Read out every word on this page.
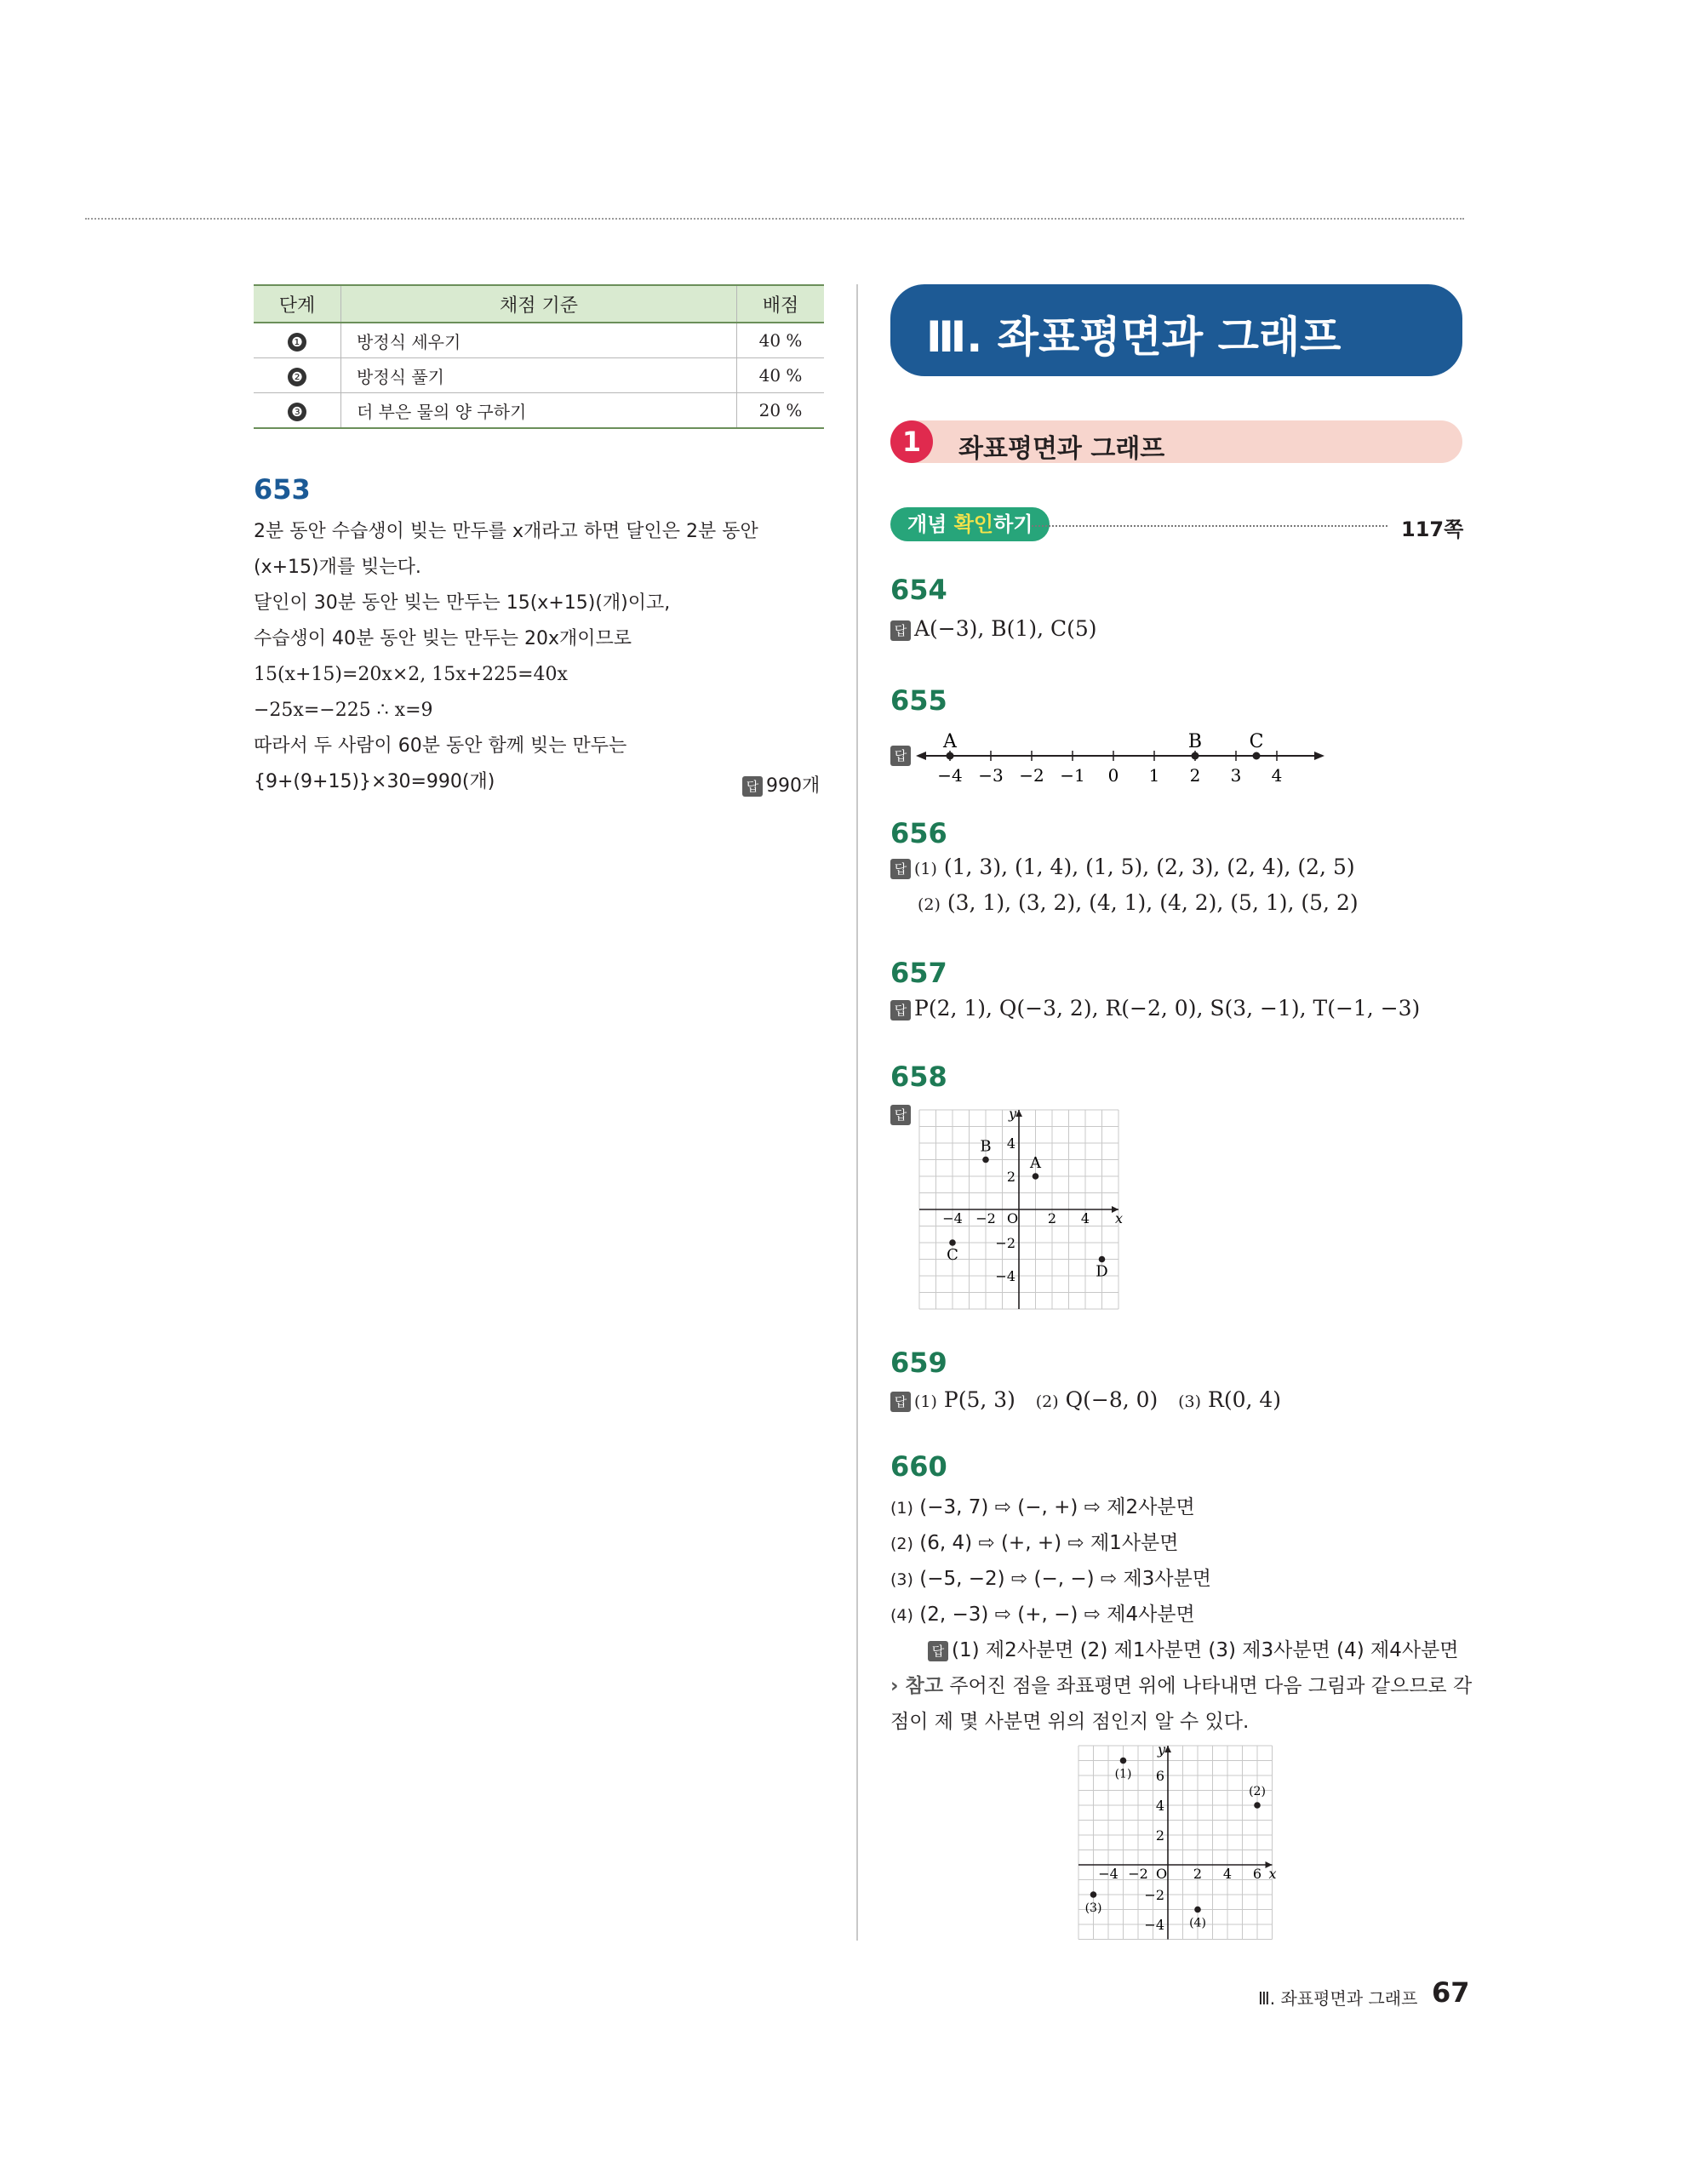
단계	채점 기준	배점
❶	방정식 세우기	40 %
❷	방정식 풀기	40 %
❸	더 부은 물의 양 구하기	20 %
653
2분 동안 수습생이 빚는 만두를 x개라고 하면 달인은 2분 동안
(x+15)개를 빚는다.
달인이 30분 동안 빚는 만두는 15(x+15)(개)이고,
수습생이 40분 동안 빚는 만두는 20x개이므로
15(x+15)=20x×2, 15x+225=40x
−25x=−225 ∴ x=9
따라서 두 사람이 60분 동안 함께 빚는 만두는
{9+(9+15)}×30=990(개)	답 990개
Ⅲ. 좌표평면과 그래프
1	좌표평면과 그래프
개념 확인하기	117쪽
654
답 A(−3), B(1), C(5)
655
답
−4 −3 −2 −1 0 1 2 3 4
A	B	C
656
답 (1) (1, 3), (1, 4), (1, 5), (2, 3), (2, 4), (2, 5)
(2) (3, 1), (3, 2), (4, 1), (4, 2), (5, 1), (5, 2)
657
답 P(2, 1), Q(−3, 2), R(−2, 0), S(3, −1), T(−1, −3)
658
답
x
y
O
−4 −2	2 4
4
2
−2
−4
A
B
C
D
659
답 (1) P(5, 3) (2) Q(−8, 0) (3) R(0, 4)
660
(1) (−3, 7) ⇨ (−, +) ⇨ 제2사분면
(2) (6, 4) ⇨ (+, +) ⇨ 제1사분면
(3) (−5, −2) ⇨ (−, −) ⇨ 제3사분면
(4) (2, −3) ⇨ (+, −) ⇨ 제4사분면
답 (1) 제2사분면 (2) 제1사분면 (3) 제3사분면 (4) 제4사분면
› 참고 주어진 점을 좌표평면 위에 나타내면 다음 그림과 같으므로 각
점이 제 몇 사분면 위의 점인지 알 수 있다.
x
y
O
−4 −2	2 4 6
6
4
2
−2
−4
(1)
(2)
(3)
(4)
Ⅲ. 좌표평면과 그래프 67
